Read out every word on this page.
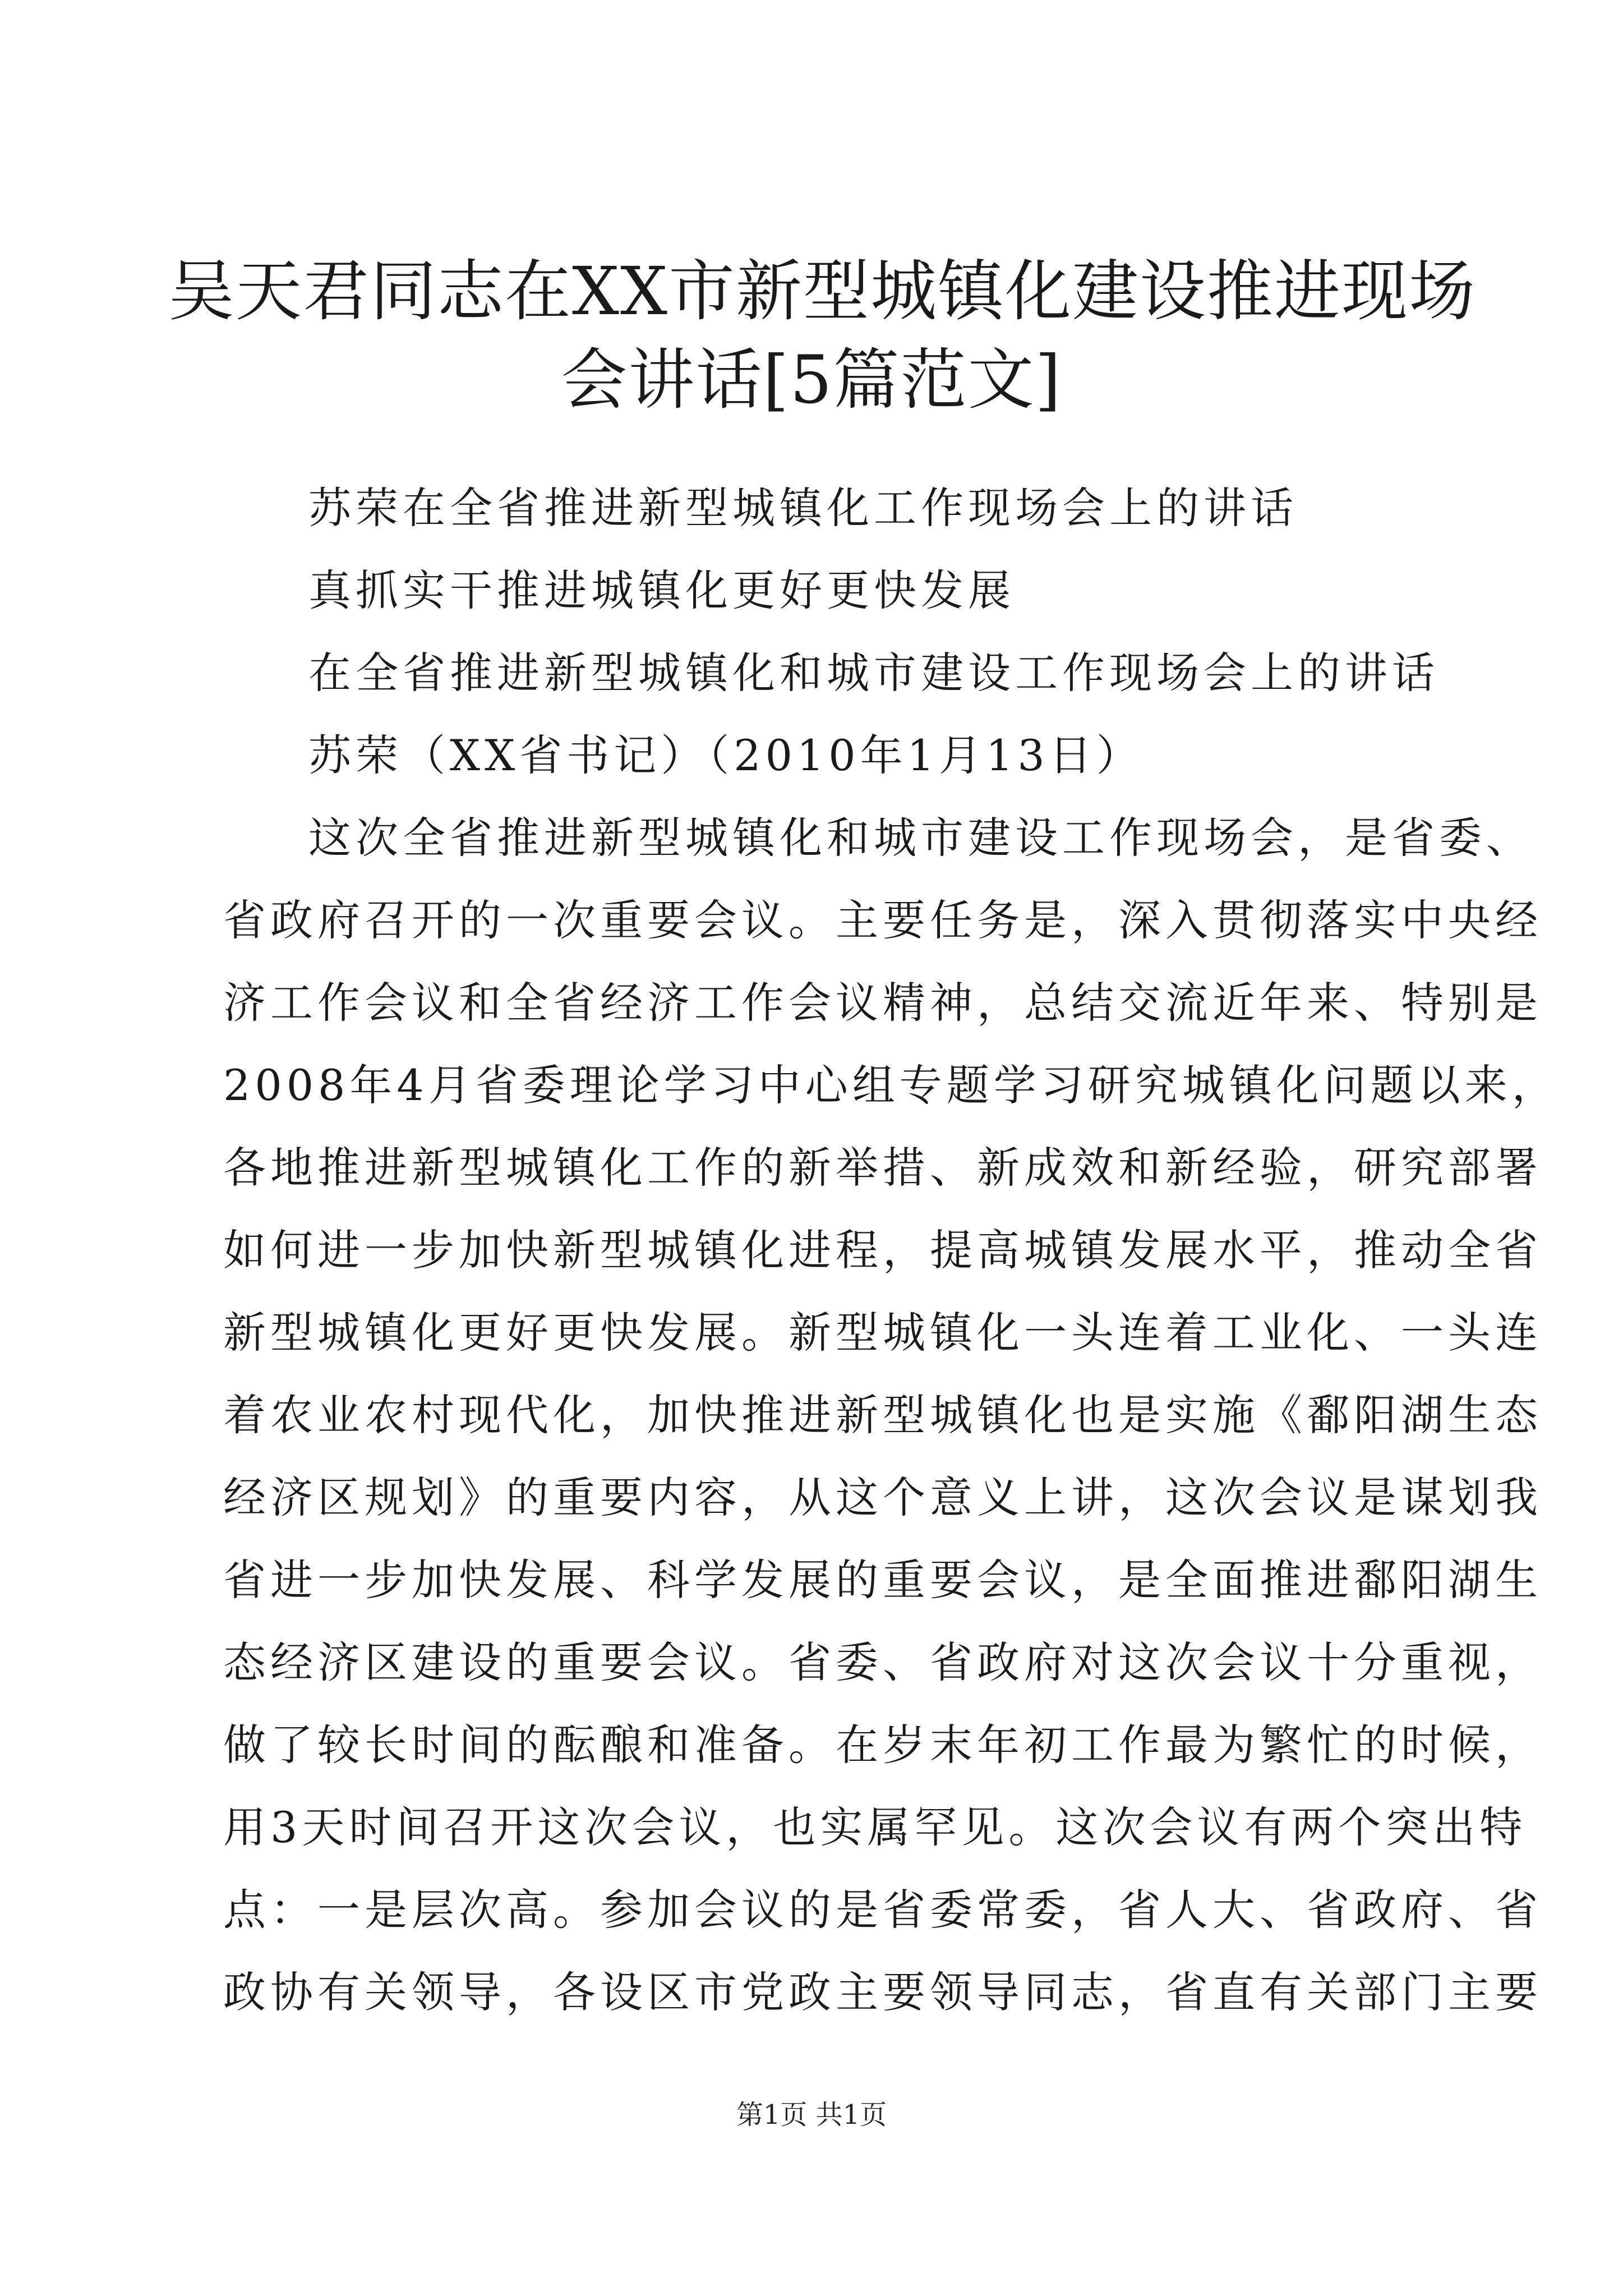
吴天君同志在XX市新型城镇化建设推进现场
会讲话[5篇范文]
苏荣在全省推进新型城镇化工作现场会上的讲话
真抓实干推进城镇化更好更快发展
在全省推进新型城镇化和城市建设工作现场会上的讲话
苏荣（XX省书记）（2010年1月13日）
这次全省推进新型城镇化和城市建设工作现场会，是省委、
省政府召开的一次重要会议。主要任务是，深入贯彻落实中央经
济工作会议和全省经济工作会议精神，总结交流近年来、特别是
2008年4月省委理论学习中心组专题学习研究城镇化问题以来，
各地推进新型城镇化工作的新举措、新成效和新经验，研究部署
如何进一步加快新型城镇化进程，提高城镇发展水平，推动全省
新型城镇化更好更快发展。新型城镇化一头连着工业化、一头连
着农业农村现代化，加快推进新型城镇化也是实施《鄱阳湖生态
经济区规划》的重要内容，从这个意义上讲，这次会议是谋划我
省进一步加快发展、科学发展的重要会议，是全面推进鄱阳湖生
态经济区建设的重要会议。省委、省政府对这次会议十分重视，
做了较长时间的酝酿和准备。在岁末年初工作最为繁忙的时候，
用3天时间召开这次会议，也实属罕见。这次会议有两个突出特
点：一是层次高。参加会议的是省委常委，省人大、省政府、省
政协有关领导，各设区市党政主要领导同志，省直有关部门主要
第1页 共1页
